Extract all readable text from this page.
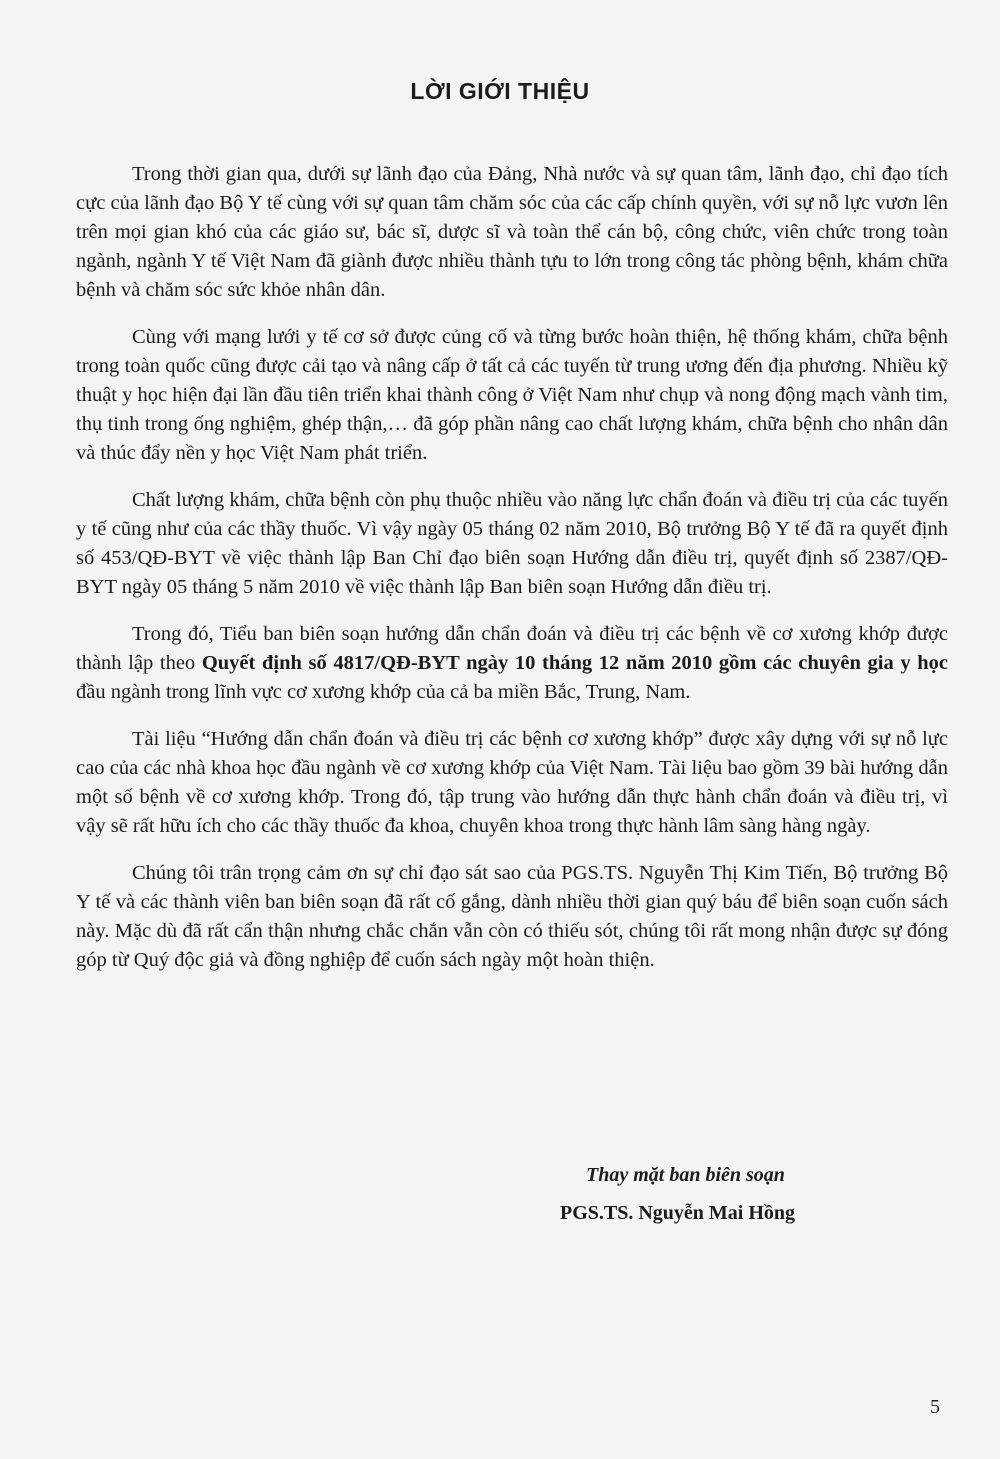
LỜI GIỚI THIỆU

Trong thời gian qua, dưới sự lãnh đạo của Đảng, Nhà nước và sự quan tâm, lãnh đạo, chỉ đạo tích cực của lãnh đạo Bộ Y tế cùng với sự quan tâm chăm sóc của các cấp chính quyền, với sự nỗ lực vươn lên trên mọi gian khó của các giáo sư, bác sĩ, dược sĩ và toàn thể cán bộ, công chức, viên chức trong toàn ngành, ngành Y tế Việt Nam đã giành được nhiều thành tựu to lớn trong công tác phòng bệnh, khám chữa bệnh và chăm sóc sức khỏe nhân dân.

Cùng với mạng lưới y tế cơ sở được củng cố và từng bước hoàn thiện, hệ thống khám, chữa bệnh trong toàn quốc cũng được cải tạo và nâng cấp ở tất cả các tuyến từ trung ương đến địa phương. Nhiều kỹ thuật y học hiện đại lần đầu tiên triển khai thành công ở Việt Nam như chụp và nong động mạch vành tim, thụ tinh trong ống nghiệm, ghép thận,… đã góp phần nâng cao chất lượng khám, chữa bệnh cho nhân dân và thúc đẩy nền y học Việt Nam phát triển.

Chất lượng khám, chữa bệnh còn phụ thuộc nhiều vào năng lực chẩn đoán và điều trị của các tuyến y tế cũng như của các thầy thuốc. Vì vậy ngày 05 tháng 02 năm 2010, Bộ trưởng Bộ Y tế đã ra quyết định số 453/QĐ-BYT về việc thành lập Ban Chỉ đạo biên soạn Hướng dẫn điều trị, quyết định số 2387/QĐ-BYT ngày 05 tháng 5 năm 2010 về việc thành lập Ban biên soạn Hướng dẫn điều trị.

Trong đó, Tiểu ban biên soạn hướng dẫn chẩn đoán và điều trị các bệnh về cơ xương khớp được thành lập theo Quyết định số 4817/QĐ-BYT ngày 10 tháng 12 năm 2010 gồm các chuyên gia y học đầu ngành trong lĩnh vực cơ xương khớp của cả ba miền Bắc, Trung, Nam.

Tài liệu “Hướng dẫn chẩn đoán và điều trị các bệnh cơ xương khớp” được xây dựng với sự nỗ lực cao của các nhà khoa học đầu ngành về cơ xương khớp của Việt Nam. Tài liệu bao gồm 39 bài hướng dẫn một số bệnh về cơ xương khớp. Trong đó, tập trung vào hướng dẫn thực hành chẩn đoán và điều trị, vì vậy sẽ rất hữu ích cho các thầy thuốc đa khoa, chuyên khoa trong thực hành lâm sàng hàng ngày.

Chúng tôi trân trọng cảm ơn sự chỉ đạo sát sao của PGS.TS. Nguyễn Thị Kim Tiến, Bộ trưởng Bộ Y tế và các thành viên ban biên soạn đã rất cố gắng, dành nhiều thời gian quý báu để biên soạn cuốn sách này. Mặc dù đã rất cẩn thận nhưng chắc chắn vẫn còn có thiếu sót, chúng tôi rất mong nhận được sự đóng góp từ Quý độc giả và đồng nghiệp để cuốn sách ngày một hoàn thiện.

Thay mặt ban biên soạn

PGS.TS. Nguyễn Mai Hồng

5
